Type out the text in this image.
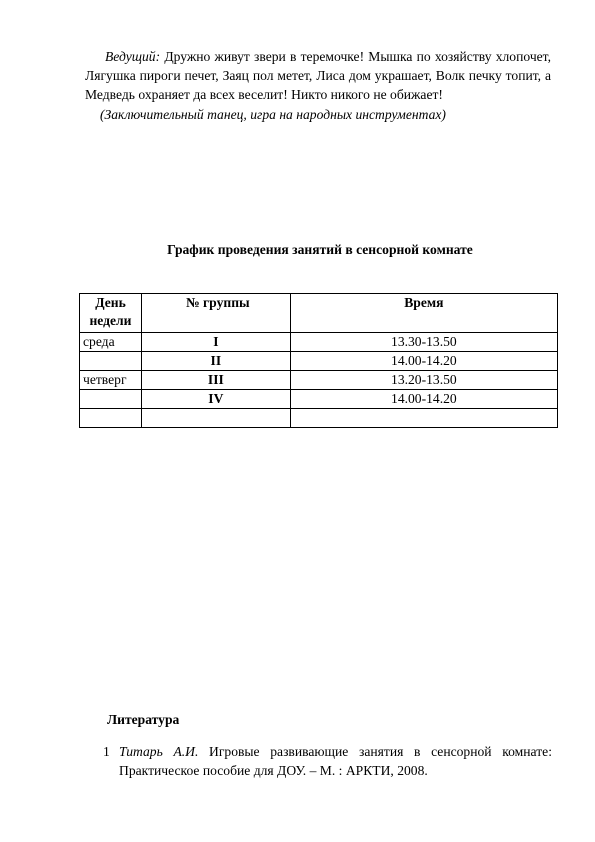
Ведущий: Дружно живут звери в теремочке! Мышка по хозяйству хлопочет, Лягушка пироги печет, Заяц пол метет, Лиса дом украшает, Волк печку топит, а Медведь охраняет да всех веселит! Никто никого не обижает!
(Заключительный танец, игра на народных инструментах)
График проведения занятий в сенсорной комнате
День недели	№ группы	Время
среда	I	13.30-13.50
	II	14.00-14.20
четверг	III	13.20-13.50
	IV	14.00-14.20

Литература
1 Титарь А.И. Игровые развивающие занятия в сенсорной комнате: Практическое пособие для ДОУ. – М. : АРКТИ, 2008.
